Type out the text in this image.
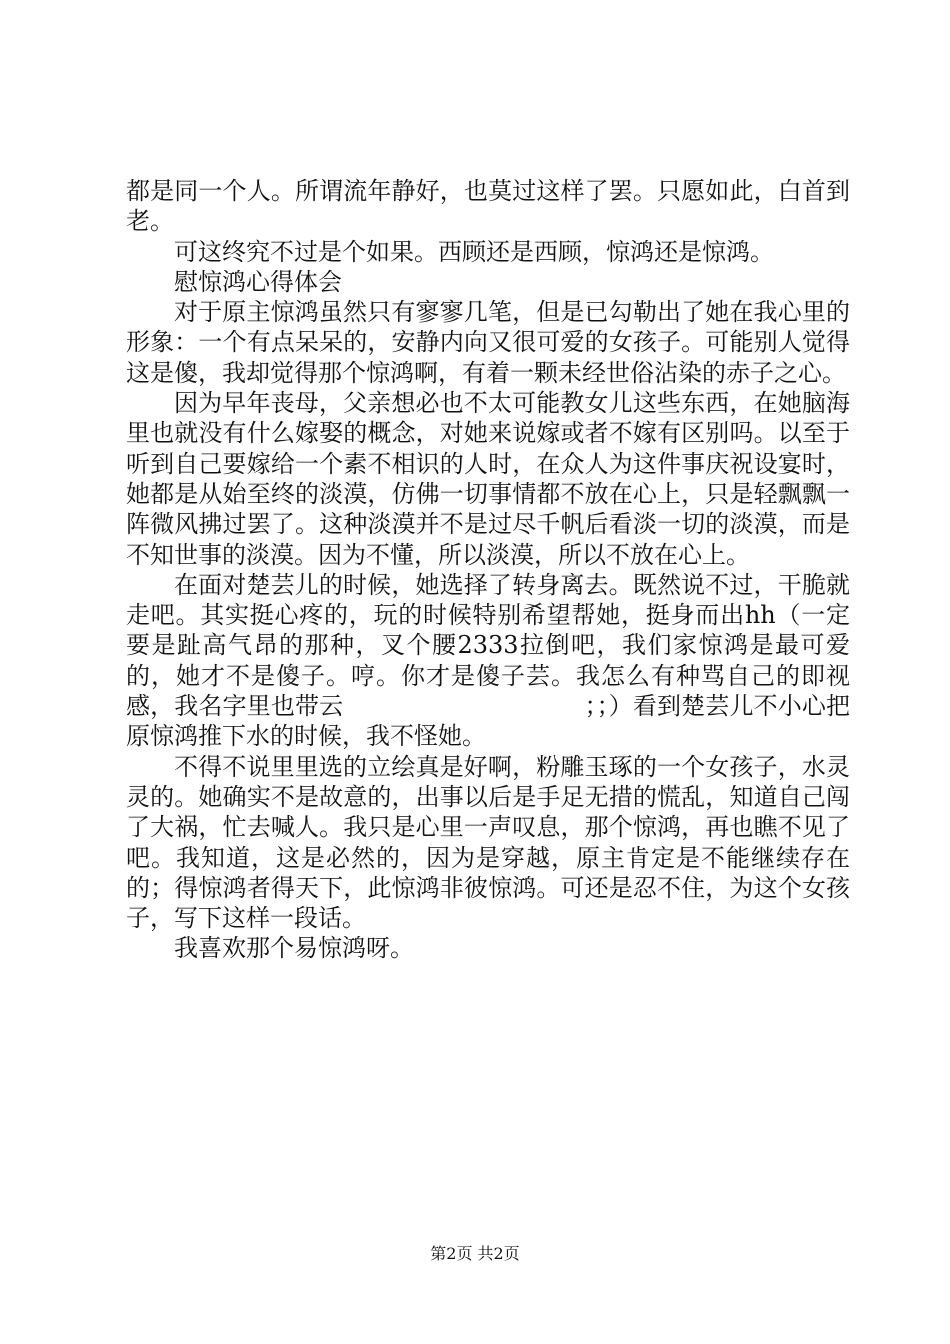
都是同一个人。所谓流年静好，也莫过这样了罢。只愿如此，白首到老。

可这终究不过是个如果。西顾还是西顾，惊鸿还是惊鸿。

慰惊鸿心得体会

对于原主惊鸿虽然只有寥寥几笔，但是已勾勒出了她在我心里的形象：一个有点呆呆的，安静内向又很可爱的女孩子。可能别人觉得这是傻，我却觉得那个惊鸿啊，有着一颗未经世俗沾染的赤子之心。

因为早年丧母，父亲想必也不太可能教女儿这些东西，在她脑海里也就没有什么嫁娶的概念，对她来说嫁或者不嫁有区别吗。以至于听到自己要嫁给一个素不相识的人时，在众人为这件事庆祝设宴时，她都是从始至终的淡漠，仿佛一切事情都不放在心上，只是轻飘飘一阵微风拂过罢了。这种淡漠并不是过尽千帆后看淡一切的淡漠，而是不知世事的淡漠。因为不懂，所以淡漠，所以不放在心上。

在面对楚芸儿的时候，她选择了转身离去。既然说不过，干脆就走吧。其实挺心疼的，玩的时候特别希望帮她，挺身而出hh（一定要是趾高气昂的那种，叉个腰2333拉倒吧，我们家惊鸿是最可爱的，她才不是傻子。哼。你才是傻子芸。我怎么有种骂自己的即视感，我名字里也带云　　　　　　　　　　；；）看到楚芸儿不小心把原惊鸿推下水的时候，我不怪她。

不得不说里里选的立绘真是好啊，粉雕玉琢的一个女孩子，水灵灵的。她确实不是故意的，出事以后是手足无措的慌乱，知道自己闯了大祸，忙去喊人。我只是心里一声叹息，那个惊鸿，再也瞧不见了吧。我知道，这是必然的，因为是穿越，原主肯定是不能继续存在的；得惊鸿者得天下，此惊鸿非彼惊鸿。可还是忍不住，为这个女孩子，写下这样一段话。

我喜欢那个易惊鸿呀。

第2页 共2页
